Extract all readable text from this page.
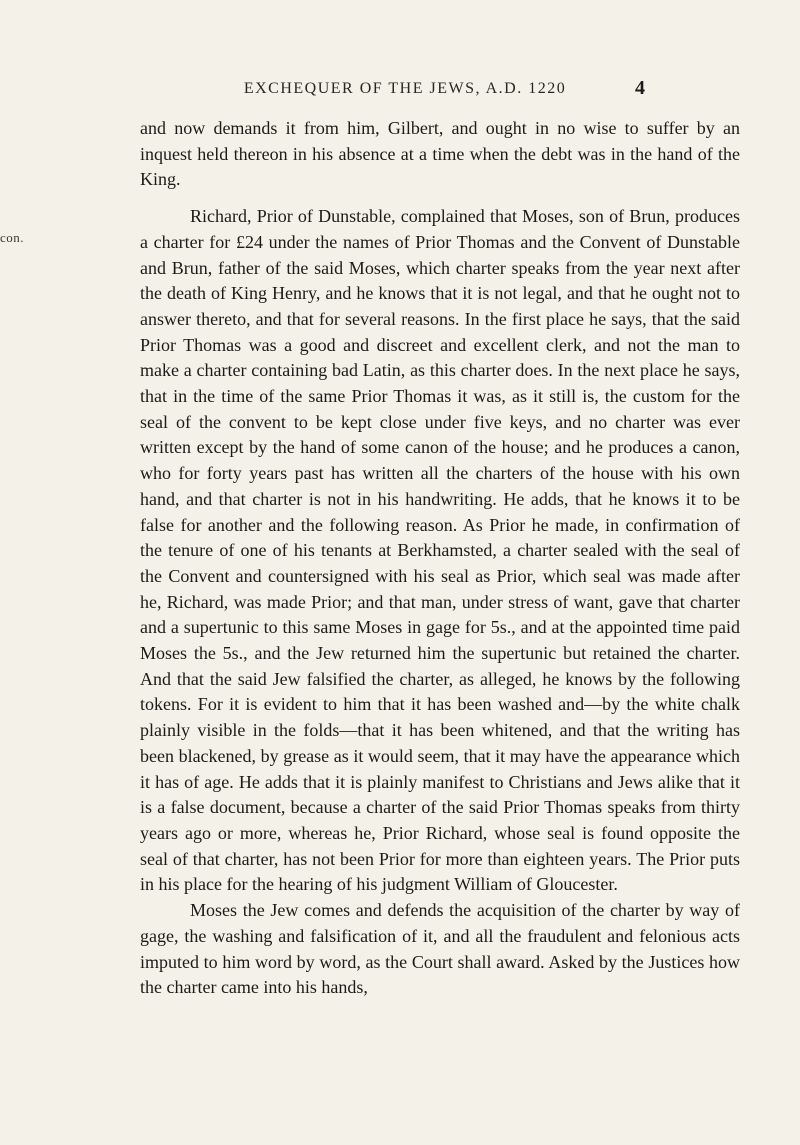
con.
EXCHEQUER OF THE JEWS, A.D. 1220	4

and now demands it from him, Gilbert, and ought in no wise to suffer by an inquest held thereon in his absence at a time when the debt was in the hand of the King.

Richard, Prior of Dunstable, complained that Moses, son of Brun, produces a charter for £24 under the names of Prior Thomas and the Convent of Dunstable and Brun, father of the said Moses, which charter speaks from the year next after the death of King Henry, and he knows that it is not legal, and that he ought not to answer thereto, and that for several reasons. In the first place he says, that the said Prior Thomas was a good and discreet and excellent clerk, and not the man to make a charter containing bad Latin, as this charter does. In the next place he says, that in the time of the same Prior Thomas it was, as it still is, the custom for the seal of the convent to be kept close under five keys, and no charter was ever written except by the hand of some canon of the house; and he produces a canon, who for forty years past has written all the charters of the house with his own hand, and that charter is not in his handwriting. He adds, that he knows it to be false for another and the following reason. As Prior he made, in confirmation of the tenure of one of his tenants at Berkhamsted, a charter sealed with the seal of the Convent and countersigned with his seal as Prior, which seal was made after he, Richard, was made Prior; and that man, under stress of want, gave that charter and a supertunic to this same Moses in gage for 5s., and at the appointed time paid Moses the 5s., and the Jew returned him the supertunic but retained the charter. And that the said Jew falsified the charter, as alleged, he knows by the following tokens. For it is evident to him that it has been washed and—by the white chalk plainly visible in the folds—that it has been whitened, and that the writing has been blackened, by grease as it would seem, that it may have the appearance which it has of age. He adds that it is plainly manifest to Christians and Jews alike that it is a false document, because a charter of the said Prior Thomas speaks from thirty years ago or more, whereas he, Prior Richard, whose seal is found opposite the seal of that charter, has not been Prior for more than eighteen years. The Prior puts in his place for the hearing of his judgment William of Gloucester.

Moses the Jew comes and defends the acquisition of the charter by way of gage, the washing and falsification of it, and all the fraudulent and felonious acts imputed to him word by word, as the Court shall award. Asked by the Justices how the charter came into his hands,
